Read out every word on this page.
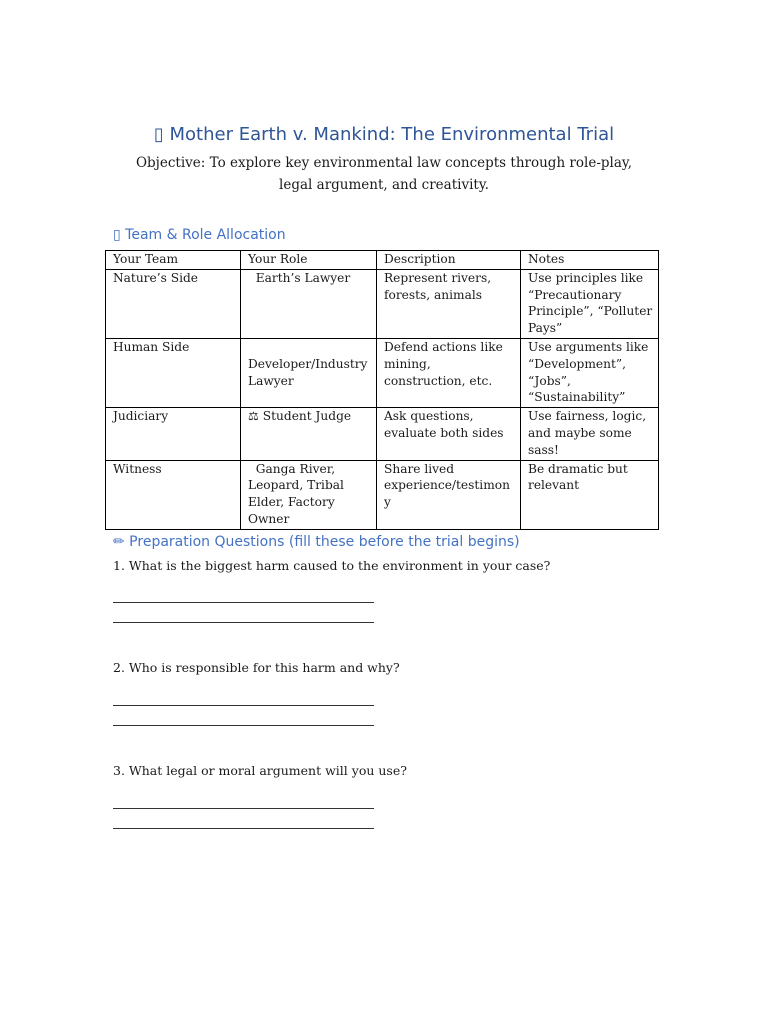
▯ Mother Earth v. Mankind: The Environmental Trial
Objective: To explore key environmental law concepts through role-play, legal argument, and creativity.
▯ Team & Role Allocation
Your Team	Your Role	Description	Notes
Nature’s Side	Earth’s Lawyer	Represent rivers, forests, animals	Use principles like “Precautionary Principle”, “Polluter Pays”
Human Side	Developer/Industry Lawyer	Defend actions like mining, construction, etc.	Use arguments like “Development”, “Jobs”, “Sustainability”
Judiciary	⚖ Student Judge	Ask questions, evaluate both sides	Use fairness, logic, and maybe some sass!
Witness	Ganga River, Leopard, Tribal Elder, Factory Owner	Share lived experience/testimony	Be dramatic but relevant
✏ Preparation Questions (fill these before the trial begins)
1. What is the biggest harm caused to the environment in your case?
2. Who is responsible for this harm and why?
3. What legal or moral argument will you use?
